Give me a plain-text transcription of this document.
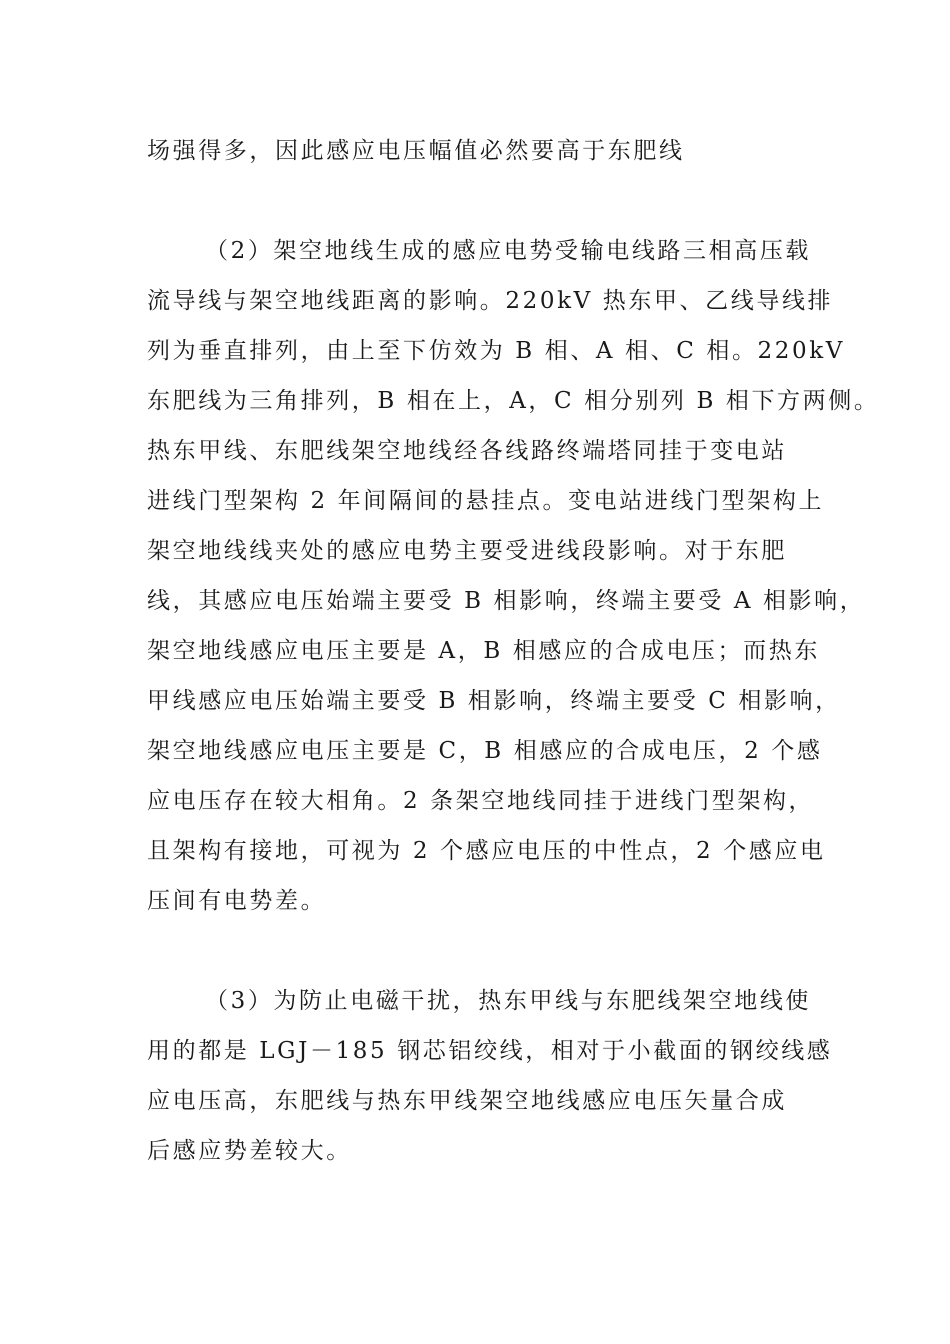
场强得多，因此感应电压幅值必然要高于东肥线
（2）架空地线生成的感应电势受输电线路三相高压载
流导线与架空地线距离的影响。220kV 热东甲、乙线导线排
列为垂直排列，由上至下仿效为 B 相、A 相、C 相。220kV
东肥线为三角排列，B 相在上，A，C 相分别列 B 相下方两侧。
热东甲线、东肥线架空地线经各线路终端塔同挂于变电站
进线门型架构 2 年间隔间的悬挂点。变电站进线门型架构上
架空地线线夹处的感应电势主要受进线段影响。对于东肥
线，其感应电压始端主要受 B 相影响，终端主要受 A 相影响，
架空地线感应电压主要是 A，B 相感应的合成电压；而热东
甲线感应电压始端主要受 B 相影响，终端主要受 C 相影响，
架空地线感应电压主要是 C，B 相感应的合成电压，2 个感
应电压存在较大相角。2 条架空地线同挂于进线门型架构，
且架构有接地，可视为 2 个感应电压的中性点，2 个感应电
压间有电势差。
（3）为防止电磁干扰，热东甲线与东肥线架空地线使
用的都是 LGJ－185 钢芯铝绞线，相对于小截面的钢绞线感
应电压高，东肥线与热东甲线架空地线感应电压矢量合成
后感应势差较大。
